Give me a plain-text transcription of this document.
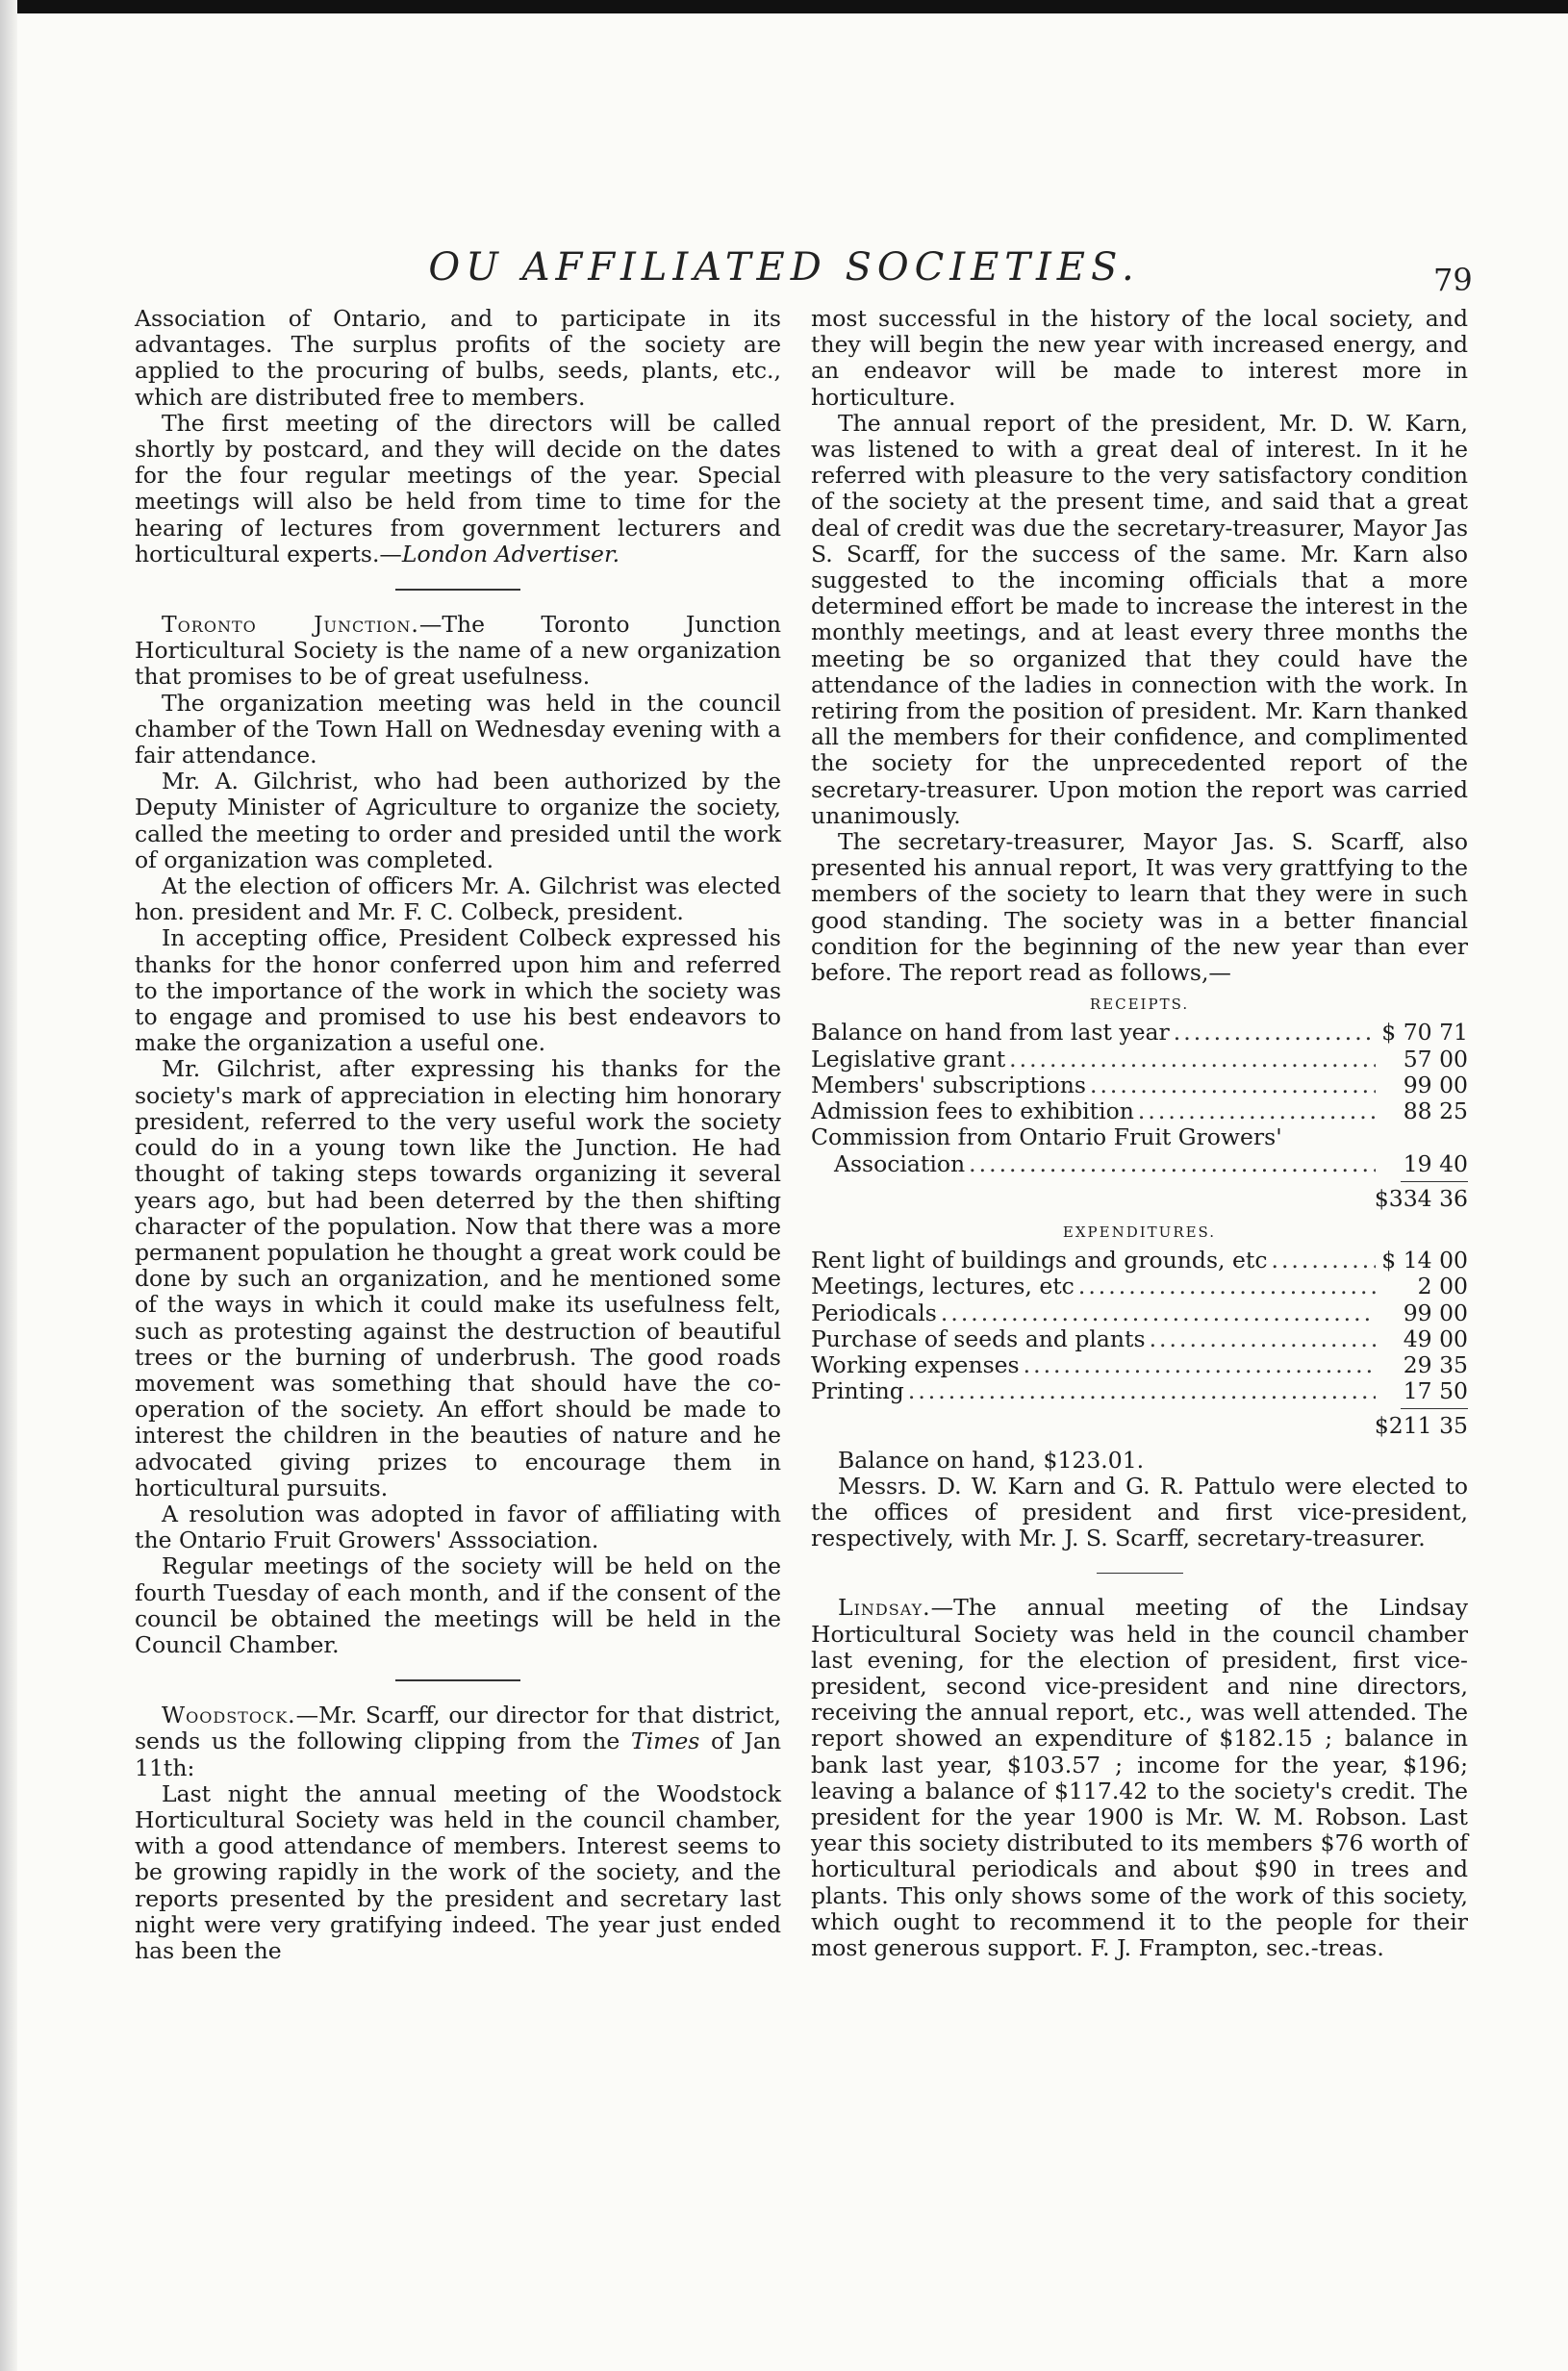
OU AFFILIATED SOCIETIES.	79

Association of Ontario, and to participate in its advantages. The surplus profits of the society are applied to the procuring of bulbs, seeds, plants, etc., which are distributed free to members.

The first meeting of the directors will be called shortly by postcard, and they will decide on the dates for the four regular meetings of the year. Special meetings will also be held from time to time for the hearing of lectures from government lecturers and horticultural experts.—London Advertiser.

Toronto Junction.—The Toronto Junction Horticultural Society is the name of a new organization that promises to be of great usefulness.

The organization meeting was held in the council chamber of the Town Hall on Wednesday evening with a fair attendance.

Mr. A. Gilchrist, who had been authorized by the Deputy Minister of Agriculture to organize the society, called the meeting to order and presided until the work of organization was completed.

At the election of officers Mr. A. Gilchrist was elected hon. president and Mr. F. C. Colbeck, president.

In accepting office, President Colbeck expressed his thanks for the honor conferred upon him and referred to the importance of the work in which the society was to engage and promised to use his best endeavors to make the organization a useful one.

Mr. Gilchrist, after expressing his thanks for the society's mark of appreciation in electing him honorary president, referred to the very useful work the society could do in a young town like the Junction. He had thought of taking steps towards organizing it several years ago, but had been deterred by the then shifting character of the population. Now that there was a more permanent population he thought a great work could be done by such an organization, and he mentioned some of the ways in which it could make its usefulness felt, such as protesting against the destruction of beautiful trees or the burning of underbrush. The good roads movement was something that should have the co-operation of the society. An effort should be made to interest the children in the beauties of nature and he advocated giving prizes to encourage them in horticultural pursuits.

A resolution was adopted in favor of affiliating with the Ontario Fruit Growers' Asssociation.

Regular meetings of the society will be held on the fourth Tuesday of each month, and if the consent of the council be obtained the meetings will be held in the Council Chamber.

Woodstock.—Mr. Scarff, our director for that district, sends us the following clipping from the Times of Jan 11th:

Last night the annual meeting of the Woodstock Horticultural Society was held in the council chamber, with a good attendance of members. Interest seems to be growing rapidly in the work of the society, and the reports presented by the president and secretary last night were very gratifying indeed. The year just ended has been the

most successful in the history of the local society, and they will begin the new year with increased energy, and an endeavor will be made to interest more in horticulture.

The annual report of the president, Mr. D. W. Karn, was listened to with a great deal of interest. In it he referred with pleasure to the very satisfactory condition of the society at the present time, and said that a great deal of credit was due the secretary-treasurer, Mayor Jas S. Scarff, for the success of the same. Mr. Karn also suggested to the incoming officials that a more determined effort be made to increase the interest in the monthly meetings, and at least every three months the meeting be so organized that they could have the attendance of the ladies in connection with the work. In retiring from the position of president. Mr. Karn thanked all the members for their confidence, and complimented the society for the unprecedented report of the secretary-treasurer. Upon motion the report was carried unanimously.

The secretary-treasurer, Mayor Jas. S. Scarff, also presented his annual report, It was very grattfying to the members of the society to learn that they were in such good standing. The society was in a better financial condition for the beginning of the new year than ever before. The report read as follows,—

RECEIPTS.
Balance on hand from last year .....	$ 70 71
Legislative grant .....	57 00
Members' subscriptions .....	99 00
Admission fees to exhibition .....	88 25
Commission from Ontario Fruit Growers'
Association .....	19 40
$334 36
EXPENDITURES.
Rent light of buildings and grounds, etc .....	$ 14 00
Meetings, lectures, etc .....	2 00
Periodicals .....	99 00
Purchase of seeds and plants .....	49 00
Working expenses .....	29 35
Printing .....	17 50
$211 35

Balance on hand, $123.01.

Messrs. D. W. Karn and G. R. Pattulo were elected to the offices of president and first vice-president, respectively, with Mr. J. S. Scarff, secretary-treasurer.

Lindsay.—The annual meeting of the Lindsay Horticultural Society was held in the council chamber last evening, for the election of president, first vice-president, second vice-president and nine directors, receiving the annual report, etc., was well attended. The report showed an expenditure of $182.15 ; balance in bank last year, $103.57 ; income for the year, $196; leaving a balance of $117.42 to the society's credit. The president for the year 1900 is Mr. W. M. Robson. Last year this society distributed to its members $76 worth of horticultural periodicals and about $90 in trees and plants. This only shows some of the work of this society, which ought to recommend it to the people for their most generous support. F. J. Frampton, sec.-treas.
